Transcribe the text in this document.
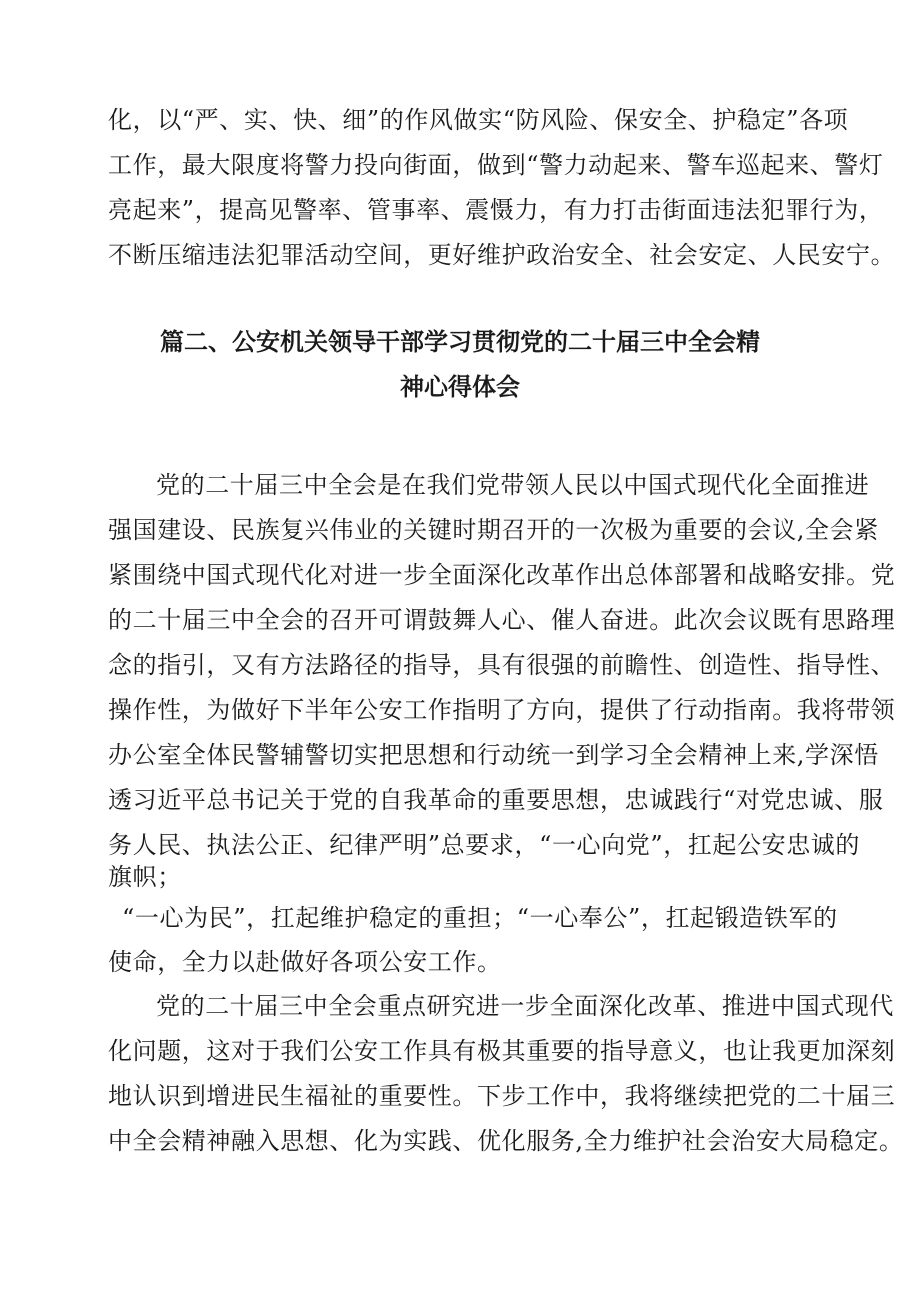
化，以“严、实、快、细”的作风做实“防风险、保安全、护稳定”各项
工作，最大限度将警力投向街面，做到“警力动起来、警车巡起来、警灯
亮起来”，提高见警率、管事率、震慑力，有力打击街面违法犯罪行为，
不断压缩违法犯罪活动空间，更好维护政治安全、社会安定、人民安宁。
篇二、公安机关领导干部学习贯彻党的二十届三中全会精
神心得体会
党的二十届三中全会是在我们党带领人民以中国式现代化全面推进
强国建设、民族复兴伟业的关键时期召开的一次极为重要的会议,全会紧
紧围绕中国式现代化对进一步全面深化改革作出总体部署和战略安排。党
的二十届三中全会的召开可谓鼓舞人心、催人奋进。此次会议既有思路理
念的指引，又有方法路径的指导，具有很强的前瞻性、创造性、指导性、
操作性，为做好下半年公安工作指明了方向，提供了行动指南。我将带领
办公室全体民警辅警切实把思想和行动统一到学习全会精神上来,学深悟
透习近平总书记关于党的自我革命的重要思想，忠诚践行“对党忠诚、服
务人民、执法公正、纪律严明”总要求，“一心向党”，扛起公安忠诚的
旗帜；
“一心为民”，扛起维护稳定的重担；“一心奉公”，扛起锻造铁军的
使命，全力以赴做好各项公安工作。
党的二十届三中全会重点研究进一步全面深化改革、推进中国式现代
化问题，这对于我们公安工作具有极其重要的指导意义，也让我更加深刻
地认识到增进民生福祉的重要性。下步工作中，我将继续把党的二十届三
中全会精神融入思想、化为实践、优化服务,全力维护社会治安大局稳定。
